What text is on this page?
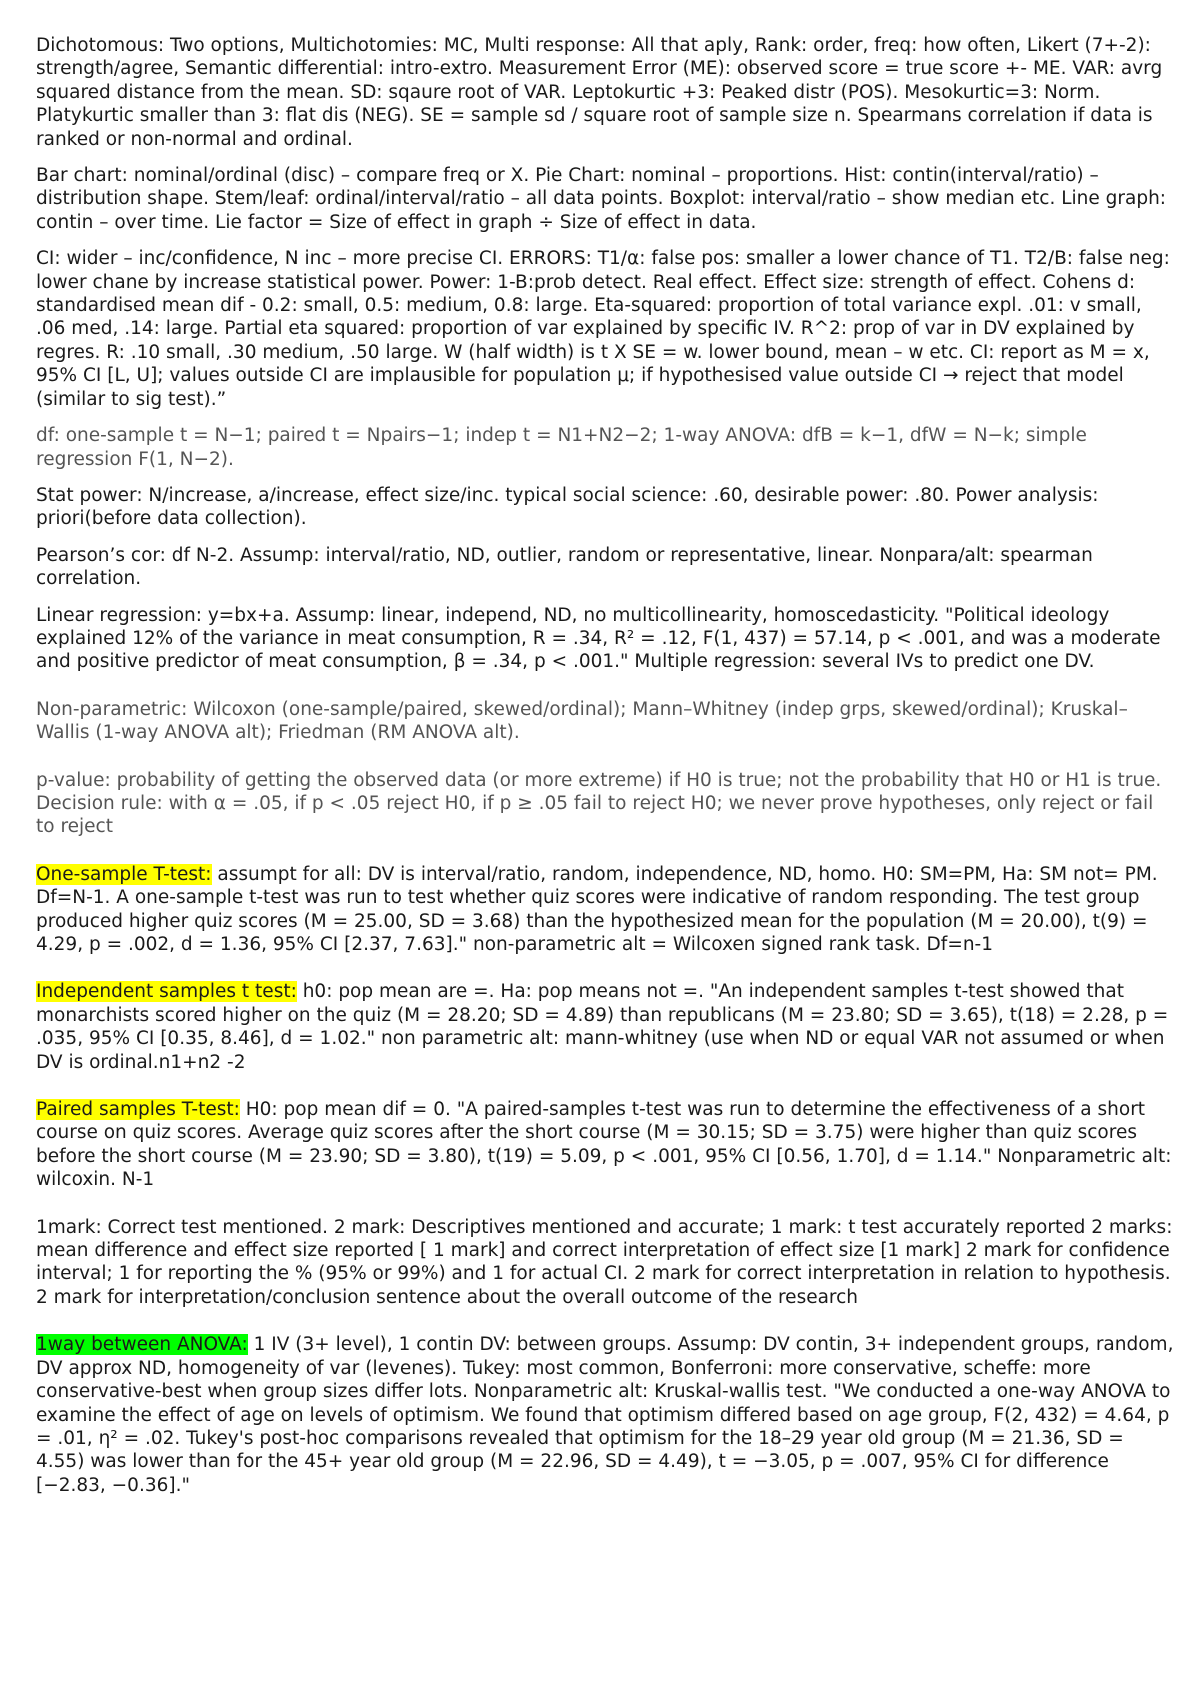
Dichotomous: Two options, Multichotomies: MC, Multi response: All that aply, Rank: order, freq: how often, Likert (7+-2): strength/agree, Semantic differential: intro-extro. Measurement Error (ME): observed score = true score +- ME. VAR: avrg squared distance from the mean. SD: sqaure root of VAR. Leptokurtic +3: Peaked distr (POS). Mesokurtic=3: Norm. Platykurtic smaller than 3: flat dis (NEG). SE = sample sd / square root of sample size n. Spearmans correlation if data is ranked or non-normal and ordinal.

Bar chart: nominal/ordinal (disc) – compare freq or X. Pie Chart: nominal – proportions. Hist: contin(interval/ratio) – distribution shape. Stem/leaf: ordinal/interval/ratio – all data points. Boxplot: interval/ratio – show median etc. Line graph: contin – over time. Lie factor = Size of effect in graph ÷ Size of effect in data.

CI: wider – inc/confidence, N inc – more precise CI. ERRORS: T1/α: false pos: smaller a lower chance of T1. T2/B: false neg: lower chane by increase statistical power. Power: 1-B:prob detect. Real effect. Effect size: strength of effect. Cohens d: standardised mean dif - 0.2: small, 0.5: medium, 0.8: large. Eta-squared: proportion of total variance expl. .01: v small, .06 med, .14: large. Partial eta squared: proportion of var explained by specific IV. R^2: prop of var in DV explained by regres. R: .10 small, .30 medium, .50 large. W (half width) is t X SE = w. lower bound, mean – w etc. CI: report as M = x, 95% CI [L, U]; values outside CI are implausible for population μ; if hypothesised value outside CI → reject that model (similar to sig test).”

df: one-sample t = N−1; paired t = Npairs−1; indep t = N1+N2−2; 1-way ANOVA: dfB = k−1, dfW = N−k; simple regression F(1, N−2).

Stat power: N/increase, a/increase, effect size/inc. typical social science: .60, desirable power: .80. Power analysis: priori(before data collection).

Pearson’s cor: df N-2. Assump: interval/ratio, ND, outlier, random or representative, linear. Nonpara/alt: spearman correlation.

Linear regression: y=bx+a. Assump: linear, independ, ND, no multicollinearity, homoscedasticity. "Political ideology explained 12% of the variance in meat consumption, R = .34, R² = .12, F(1, 437) = 57.14, p < .001, and was a moderate and positive predictor of meat consumption, β = .34, p < .001." Multiple regression: several IVs to predict one DV.

Non-parametric: Wilcoxon (one-sample/paired, skewed/ordinal); Mann–Whitney (indep grps, skewed/ordinal); Kruskal–Wallis (1-way ANOVA alt); Friedman (RM ANOVA alt).

p-value: probability of getting the observed data (or more extreme) if H0 is true; not the probability that H0 or H1 is true. Decision rule: with α = .05, if p < .05 reject H0, if p ≥ .05 fail to reject H0; we never prove hypotheses, only reject or fail to reject

One-sample T-test: assumpt for all: DV is interval/ratio, random, independence, ND, homo. H0: SM=PM, Ha: SM not= PM. Df=N-1. A one-sample t-test was run to test whether quiz scores were indicative of random responding. The test group produced higher quiz scores (M = 25.00, SD = 3.68) than the hypothesized mean for the population (M = 20.00), t(9) = 4.29, p = .002, d = 1.36, 95% CI [2.37, 7.63]." non-parametric alt = Wilcoxen signed rank task. Df=n-1

Independent samples t test: h0: pop mean are =. Ha: pop means not =. "An independent samples t-test showed that monarchists scored higher on the quiz (M = 28.20; SD = 4.89) than republicans (M = 23.80; SD = 3.65), t(18) = 2.28, p = .035, 95% CI [0.35, 8.46], d = 1.02." non parametric alt: mann-whitney (use when ND or equal VAR not assumed or when DV is ordinal.n1+n2 -2

Paired samples T-test: H0: pop mean dif = 0. "A paired-samples t-test was run to determine the effectiveness of a short course on quiz scores. Average quiz scores after the short course (M = 30.15; SD = 3.75) were higher than quiz scores before the short course (M = 23.90; SD = 3.80), t(19) = 5.09, p < .001, 95% CI [0.56, 1.70], d = 1.14." Nonparametric alt: wilcoxin. N-1

1mark: Correct test mentioned. 2 mark: Descriptives mentioned and accurate; 1 mark: t test accurately reported 2 marks: mean difference and effect size reported [ 1 mark] and correct interpretation of effect size [1 mark] 2 mark for confidence interval; 1 for reporting the % (95% or 99%) and 1 for actual CI. 2 mark for correct interpretation in relation to hypothesis. 2 mark for interpretation/conclusion sentence about the overall outcome of the research

1way between ANOVA: 1 IV (3+ level), 1 contin DV: between groups. Assump: DV contin, 3+ independent groups, random, DV approx ND, homogeneity of var (levenes). Tukey: most common, Bonferroni: more conservative, scheffe: more conservative-best when group sizes differ lots. Nonparametric alt: Kruskal-wallis test. "We conducted a one-way ANOVA to examine the effect of age on levels of optimism. We found that optimism differed based on age group, F(2, 432) = 4.64, p = .01, η² = .02. Tukey's post-hoc comparisons revealed that optimism for the 18–29 year old group (M = 21.36, SD = 4.55) was lower than for the 45+ year old group (M = 22.96, SD = 4.49), t = −3.05, p = .007, 95% CI for difference [−2.83, −0.36]."
